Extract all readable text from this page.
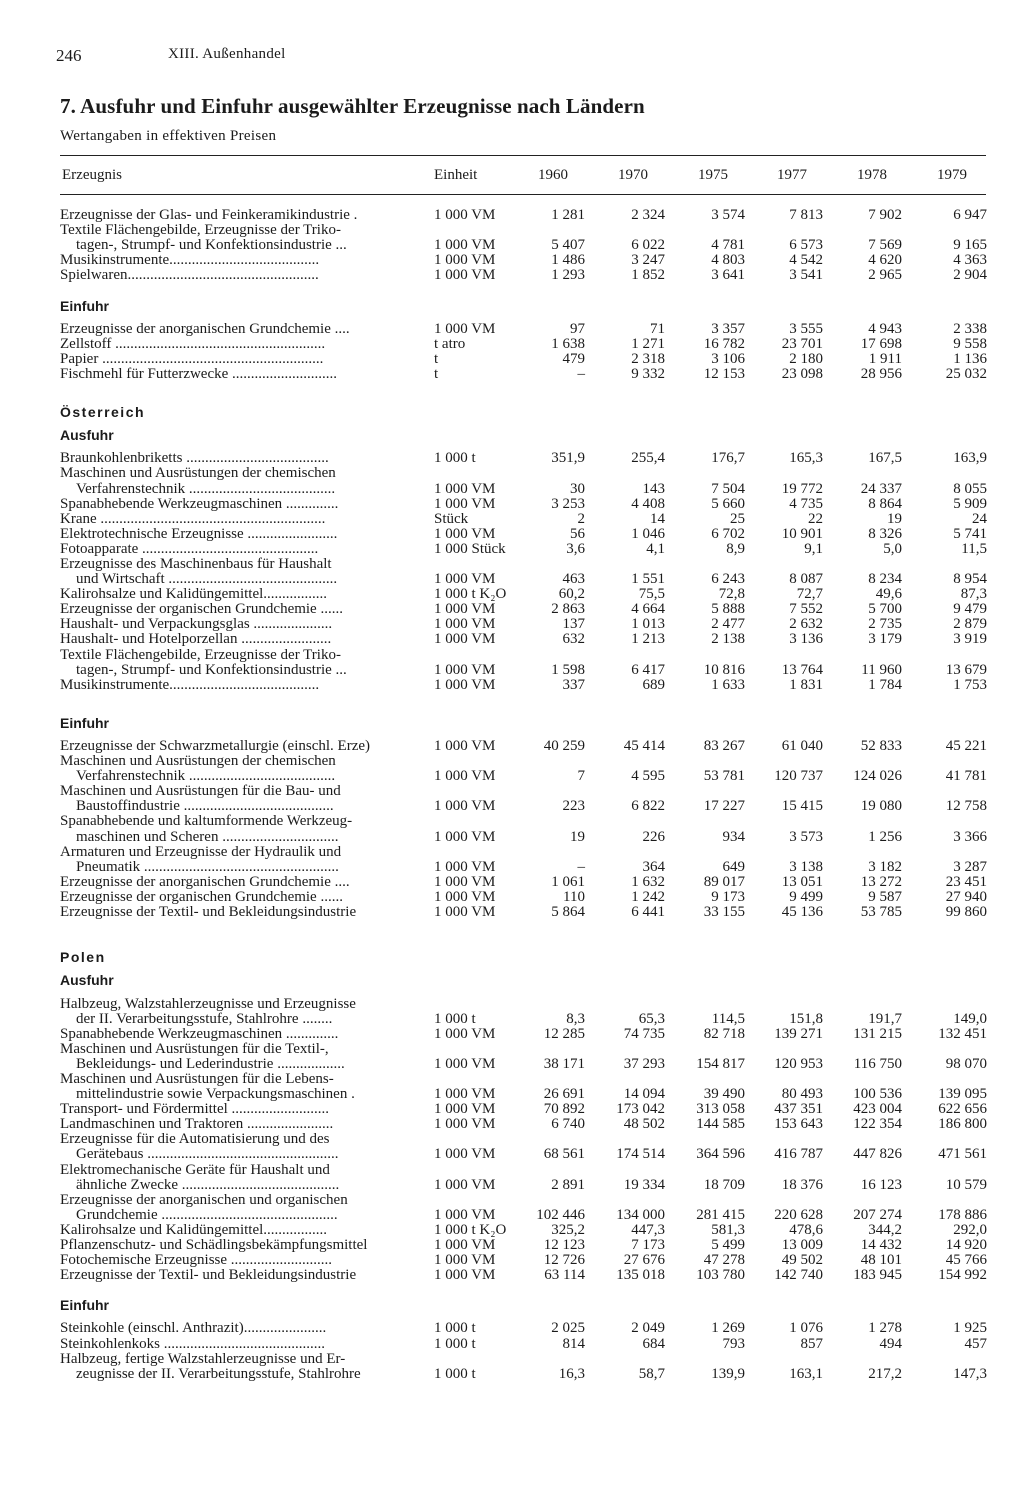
246	XIII. Außenhandel
7. Ausfuhr und Einfuhr ausgewählter Erzeugnisse nach Ländern
Wertangaben in effektiven Preisen
Erzeugnis	Einheit	1960	1970	1975	1977	1978	1979
Erzeugnisse der Glas- und Feinkeramikindustrie .	1 000 VM	1 281	2 324	3 574	7 813	7 902	6 947
Textile Flächengebilde, Erzeugnisse der Triko-
tagen-, Strumpf- und Konfektionsindustrie ...	1 000 VM	5 407	6 022	4 781	6 573	7 569	9 165
Musikinstrumente........................................	1 000 VM	1 486	3 247	4 803	4 542	4 620	4 363
Spielwaren...................................................	1 000 VM	1 293	1 852	3 641	3 541	2 965	2 904
Einfuhr
Erzeugnisse der anorganischen Grundchemie ....	1 000 VM	97	71	3 357	3 555	4 943	2 338
Zellstoff ........................................................	t atro	1 638	1 271	16 782	23 701	17 698	9 558
Papier ...........................................................	t	479	2 318	3 106	2 180	1 911	1 136
Fischmehl für Futterzwecke ............................	t	–	9 332	12 153	23 098	28 956	25 032
Österreich
Ausfuhr
Braunkohlenbriketts ......................................	1 000 t	351,9	255,4	176,7	165,3	167,5	163,9
Maschinen und Ausrüstungen der chemischen
Verfahrenstechnik .......................................	1 000 VM	30	143	7 504	19 772	24 337	8 055
Spanabhebende Werkzeugmaschinen ..............	1 000 VM	3 253	4 408	5 660	4 735	8 864	5 909
Krane ............................................................	Stück	2	14	25	22	19	24
Elektrotechnische Erzeugnisse ........................	1 000 VM	56	1 046	6 702	10 901	8 326	5 741
Fotoapparate ...............................................	1 000 Stück	3,6	4,1	8,9	9,1	5,0	11,5
Erzeugnisse des Maschinenbaus für Haushalt
und Wirtschaft .............................................	1 000 VM	463	1 551	6 243	8 087	8 234	8 954
Kalirohsalze und Kalidüngemittel.................	1 000 t K₂O	60,2	75,5	72,8	72,7	49,6	87,3
Erzeugnisse der organischen Grundchemie ......	1 000 VM	2 863	4 664	5 888	7 552	5 700	9 479
Haushalt- und Verpackungsglas .....................	1 000 VM	137	1 013	2 477	2 632	2 735	2 879
Haushalt- und Hotelporzellan ........................	1 000 VM	632	1 213	2 138	3 136	3 179	3 919
Textile Flächengebilde, Erzeugnisse der Triko-
tagen-, Strumpf- und Konfektionsindustrie ...	1 000 VM	1 598	6 417	10 816	13 764	11 960	13 679
Musikinstrumente........................................	1 000 VM	337	689	1 633	1 831	1 784	1 753
Einfuhr
Erzeugnisse der Schwarzmetallurgie (einschl. Erze)	1 000 VM	40 259	45 414	83 267	61 040	52 833	45 221
Maschinen und Ausrüstungen der chemischen
Verfahrenstechnik .......................................	1 000 VM	7	4 595	53 781	120 737	124 026	41 781
Maschinen und Ausrüstungen für die Bau- und
Baustoffindustrie ........................................	1 000 VM	223	6 822	17 227	15 415	19 080	12 758
Spanabhebende und kaltumformende Werkzeug-
maschinen und Scheren ...............................	1 000 VM	19	226	934	3 573	1 256	3 366
Armaturen und Erzeugnisse der Hydraulik und
Pneumatik ....................................................	1 000 VM	–	364	649	3 138	3 182	3 287
Erzeugnisse der anorganischen Grundchemie ....	1 000 VM	1 061	1 632	89 017	13 051	13 272	23 451
Erzeugnisse der organischen Grundchemie ......	1 000 VM	110	1 242	9 173	9 499	9 587	27 940
Erzeugnisse der Textil- und Bekleidungsindustrie	1 000 VM	5 864	6 441	33 155	45 136	53 785	99 860
Polen
Ausfuhr
Halbzeug, Walzstahlerzeugnisse und Erzeugnisse
der II. Verarbeitungsstufe, Stahlrohre ........	1 000 t	8,3	65,3	114,5	151,8	191,7	149,0
Spanabhebende Werkzeugmaschinen ..............	1 000 VM	12 285	74 735	82 718	139 271	131 215	132 451
Maschinen und Ausrüstungen für die Textil-,
Bekleidungs- und Lederindustrie ..................	1 000 VM	38 171	37 293	154 817	120 953	116 750	98 070
Maschinen und Ausrüstungen für die Lebens-
mittelindustrie sowie Verpackungsmaschinen .	1 000 VM	26 691	14 094	39 490	80 493	100 536	139 095
Transport- und Fördermittel ..........................	1 000 VM	70 892	173 042	313 058	437 351	423 004	622 656
Landmaschinen und Traktoren .......................	1 000 VM	6 740	48 502	144 585	153 643	122 354	186 800
Erzeugnisse für die Automatisierung und des
Gerätebaus ...................................................	1 000 VM	68 561	174 514	364 596	416 787	447 826	471 561
Elektromechanische Geräte für Haushalt und
ähnliche Zwecke ..........................................	1 000 VM	2 891	19 334	18 709	18 376	16 123	10 579
Erzeugnisse der anorganischen und organischen
Grundchemie ...............................................	1 000 VM	102 446	134 000	281 415	220 628	207 274	178 886
Kalirohsalze und Kalidüngemittel.................	1 000 t K₂O	325,2	447,3	581,3	478,6	344,2	292,0
Pflanzenschutz- und Schädlingsbekämpfungsmittel	1 000 VM	12 123	7 173	5 499	13 009	14 432	14 920
Fotochemische Erzeugnisse ...........................	1 000 VM	12 726	27 676	47 278	49 502	48 101	45 766
Erzeugnisse der Textil- und Bekleidungsindustrie	1 000 VM	63 114	135 018	103 780	142 740	183 945	154 992
Einfuhr
Steinkohle (einschl. Anthrazit)......................	1 000 t	2 025	2 049	1 269	1 076	1 278	1 925
Steinkohlenkoks ...........................................	1 000 t	814	684	793	857	494	457
Halbzeug, fertige Walzstahlerzeugnisse und Er-
zeugnisse der II. Verarbeitungsstufe, Stahlrohre	1 000 t	16,3	58,7	139,9	163,1	217,2	147,3
